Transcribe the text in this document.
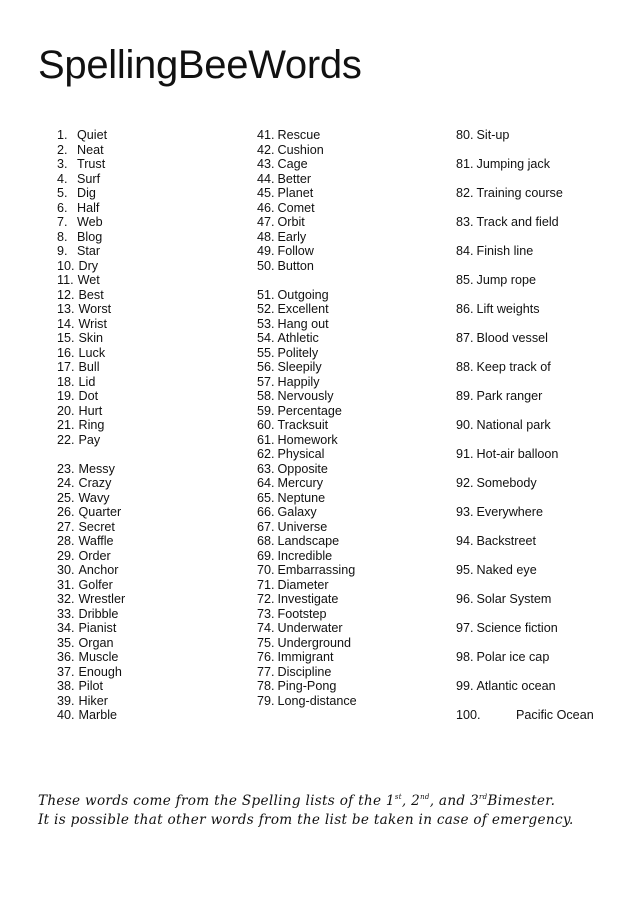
SpellingBeeWords
1. Quiet
2. Neat
3. Trust
4. Surf
5. Dig
6. Half
7. Web
8. Blog
9. Star
10. Dry
11. Wet
12. Best
13. Worst
14. Wrist
15. Skin
16. Luck
17. Bull
18. Lid
19. Dot
20. Hurt
21. Ring
22. Pay
23. Messy
24. Crazy
25. Wavy
26. Quarter
27. Secret
28. Waffle
29. Order
30. Anchor
31. Golfer
32. Wrestler
33. Dribble
34. Pianist
35. Organ
36. Muscle
37. Enough
38. Pilot
39. Hiker
40. Marble
41. Rescue
42. Cushion
43. Cage
44. Better
45. Planet
46. Comet
47. Orbit
48. Early
49. Follow
50. Button
51. Outgoing
52. Excellent
53. Hang out
54. Athletic
55. Politely
56. Sleepily
57. Happily
58. Nervously
59. Percentage
60. Tracksuit
61. Homework
62. Physical
63. Opposite
64. Mercury
65. Neptune
66. Galaxy
67. Universe
68. Landscape
69. Incredible
70. Embarrassing
71. Diameter
72. Investigate
73. Footstep
74. Underwater
75. Underground
76. Immigrant
77. Discipline
78. Ping-Pong
79. Long-distance
80. Sit-up
81. Jumping jack
82. Training course
83. Track and field
84. Finish line
85. Jump rope
86. Lift weights
87. Blood vessel
88. Keep track of
89. Park ranger
90. National park
91. Hot-air balloon
92. Somebody
93. Everywhere
94. Backstreet
95. Naked eye
96. Solar System
97. Science fiction
98. Polar ice cap
99. Atlantic ocean
100.	Pacific Ocean
These words come from the Spelling lists of the 1st, 2nd, and 3rdBimester.
It is possible that other words from the list be taken in case of emergency.
